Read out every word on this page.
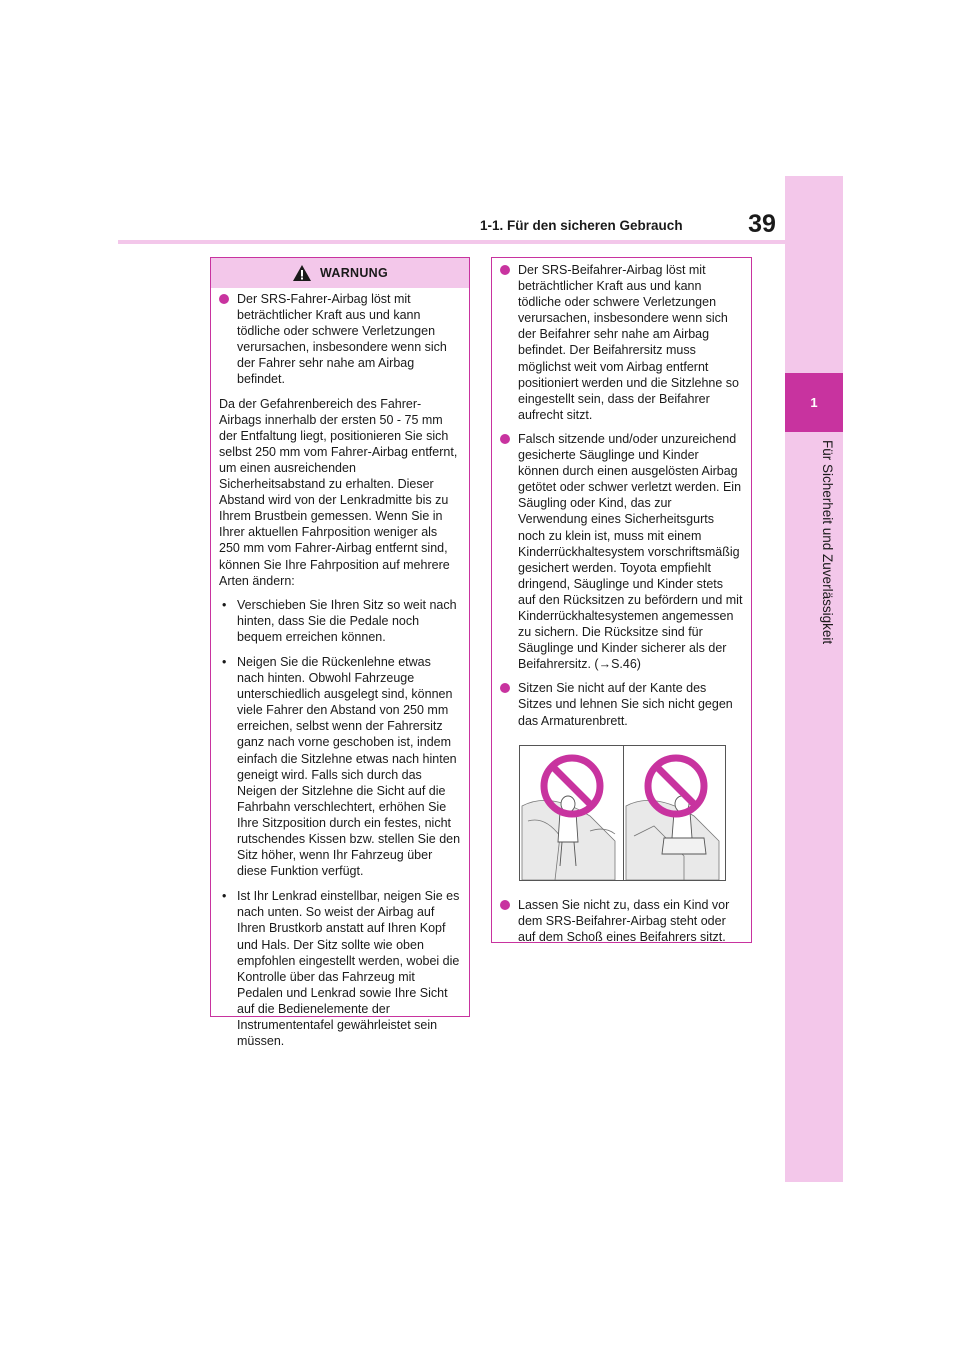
1-1. Für den sicheren Gebrauch	39
1
Für Sicherheit und Zuverlässigkeit
WARNUNG
Der SRS-Fahrer-Airbag löst mit beträchtlicher Kraft aus und kann tödliche oder schwere Verletzungen verursachen, insbesondere wenn sich der Fahrer sehr nahe am Airbag befindet.

Da der Gefahrenbereich des Fahrer-Airbags innerhalb der ersten 50 - 75 mm der Entfaltung liegt, positionieren Sie sich selbst 250 mm vom Fahrer-Airbag entfernt, um einen ausreichenden Sicherheitsabstand zu erhalten. Dieser Abstand wird von der Lenkradmitte bis zu Ihrem Brustbein gemessen. Wenn Sie in Ihrer aktuellen Fahrposition weniger als 250 mm vom Fahrer-Airbag entfernt sind, können Sie Ihre Fahrposition auf mehrere Arten ändern:

• Verschieben Sie Ihren Sitz so weit nach hinten, dass Sie die Pedale noch bequem erreichen können.
• Neigen Sie die Rückenlehne etwas nach hinten. Obwohl Fahrzeuge unterschiedlich ausgelegt sind, können viele Fahrer den Abstand von 250 mm erreichen, selbst wenn der Fahrersitz ganz nach vorne geschoben ist, indem einfach die Sitzlehne etwas nach hinten geneigt wird. Falls sich durch das Neigen der Sitzlehne die Sicht auf die Fahrbahn verschlechtert, erhöhen Sie Ihre Sitzposition durch ein festes, nicht rutschendes Kissen bzw. stellen Sie den Sitz höher, wenn Ihr Fahrzeug über diese Funktion verfügt.
• Ist Ihr Lenkrad einstellbar, neigen Sie es nach unten. So weist der Airbag auf Ihren Brustkorb anstatt auf Ihren Kopf und Hals. Der Sitz sollte wie oben empfohlen eingestellt werden, wobei die Kontrolle über das Fahrzeug mit Pedalen und Lenkrad sowie Ihre Sicht auf die Bedienelemente der Instrumententafel gewährleistet sein müssen.
Der SRS-Beifahrer-Airbag löst mit beträchtlicher Kraft aus und kann tödliche oder schwere Verletzungen verursachen, insbesondere wenn sich der Beifahrer sehr nahe am Airbag befindet. Der Beifahrersitz muss möglichst weit vom Airbag entfernt positioniert werden und die Sitzlehne so eingestellt sein, dass der Beifahrer aufrecht sitzt.
Falsch sitzende und/oder unzureichend gesicherte Säuglinge und Kinder können durch einen ausgelösten Airbag getötet oder schwer verletzt werden. Ein Säugling oder Kind, das zur Verwendung eines Sicherheitsgurts noch zu klein ist, muss mit einem Kinderrückhaltesystem vorschriftsmäßig gesichert werden. Toyota empfiehlt dringend, Säuglinge und Kinder stets auf den Rücksitzen zu befördern und mit Kinderrückhaltesystemen angemessen zu sichern. Die Rücksitze sind für Säuglinge und Kinder sicherer als der Beifahrersitz. (→S.46)
Sitzen Sie nicht auf der Kante des Sitzes und lehnen Sie sich nicht gegen das Armaturenbrett.
Lassen Sie nicht zu, dass ein Kind vor dem SRS-Beifahrer-Airbag steht oder auf dem Schoß eines Beifahrers sitzt.
